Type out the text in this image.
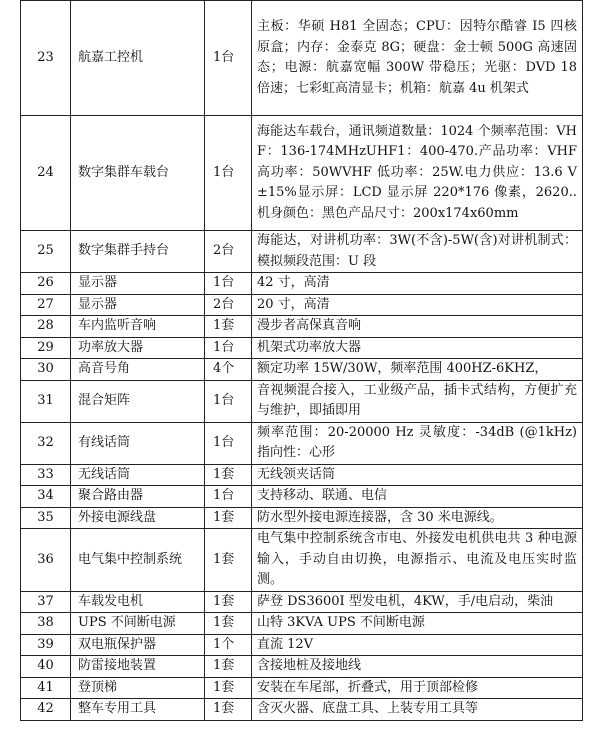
23	航嘉工控机	1台	主板：华硕 H81 全固态；CPU：因特尔酷睿 I5 四核原盒；内存：金泰克 8G；硬盘：金士顿 500G 高速固态；电源：航嘉宽幅 300W 带稳压；光驱：DVD 18 倍速；七彩虹高清显卡；机箱：航嘉 4u 机架式
24	数字集群车载台	1台	海能达车载台，通讯频道数量：1024 个频率范围：VHF：136-174MHzUHF1：400-470.产品功率：VHF 高功率：50WVHF 低功率：25W.电力供应：13.6 V ±15%显示屏：LCD 显示屏 220*176 像素，2620..机身颜色：黑色产品尺寸：200x174x60mm
25	数字集群手持台	2台	海能达，对讲机功率：3W(不含)-5W(含)对讲机制式：模拟频段范围：U 段
26	显示器	1台	42 寸，高清
27	显示器	2台	20 寸，高清
28	车内监听音响	1套	漫步者高保真音响
29	功率放大器	1台	机架式功率放大器
30	高音号角	4个	额定功率 15W/30W，频率范围 400HZ-6KHZ，
31	混合矩阵	1台	音视频混合接入，工业级产品，插卡式结构，方便扩充与维护，即插即用
32	有线话筒	1台	频率范围：20-20000 Hz 灵敏度：-34dB (@1kHz) 指向性：心形
33	无线话筒	1套	无线领夹话筒
34	聚合路由器	1台	支持移动、联通、电信
35	外接电源线盘	1套	防水型外接电源连接器，含 30 米电源线。
36	电气集中控制系统	1套	电气集中控制系统含市电、外接发电机供电共 3 种电源输入，手动自由切换，电源指示、电流及电压实时监测。
37	车载发电机	1套	萨登 DS3600I 型发电机，4KW，手/电启动，柴油
38	UPS 不间断电源	1套	山特 3KVA UPS 不间断电源
39	双电瓶保护器	1个	直流 12V
40	防雷接地装置	1套	含接地桩及接地线
41	登顶梯	1套	安装在车尾部，折叠式，用于顶部检修
42	整车专用工具	1套	含灭火器、底盘工具、上装专用工具等
